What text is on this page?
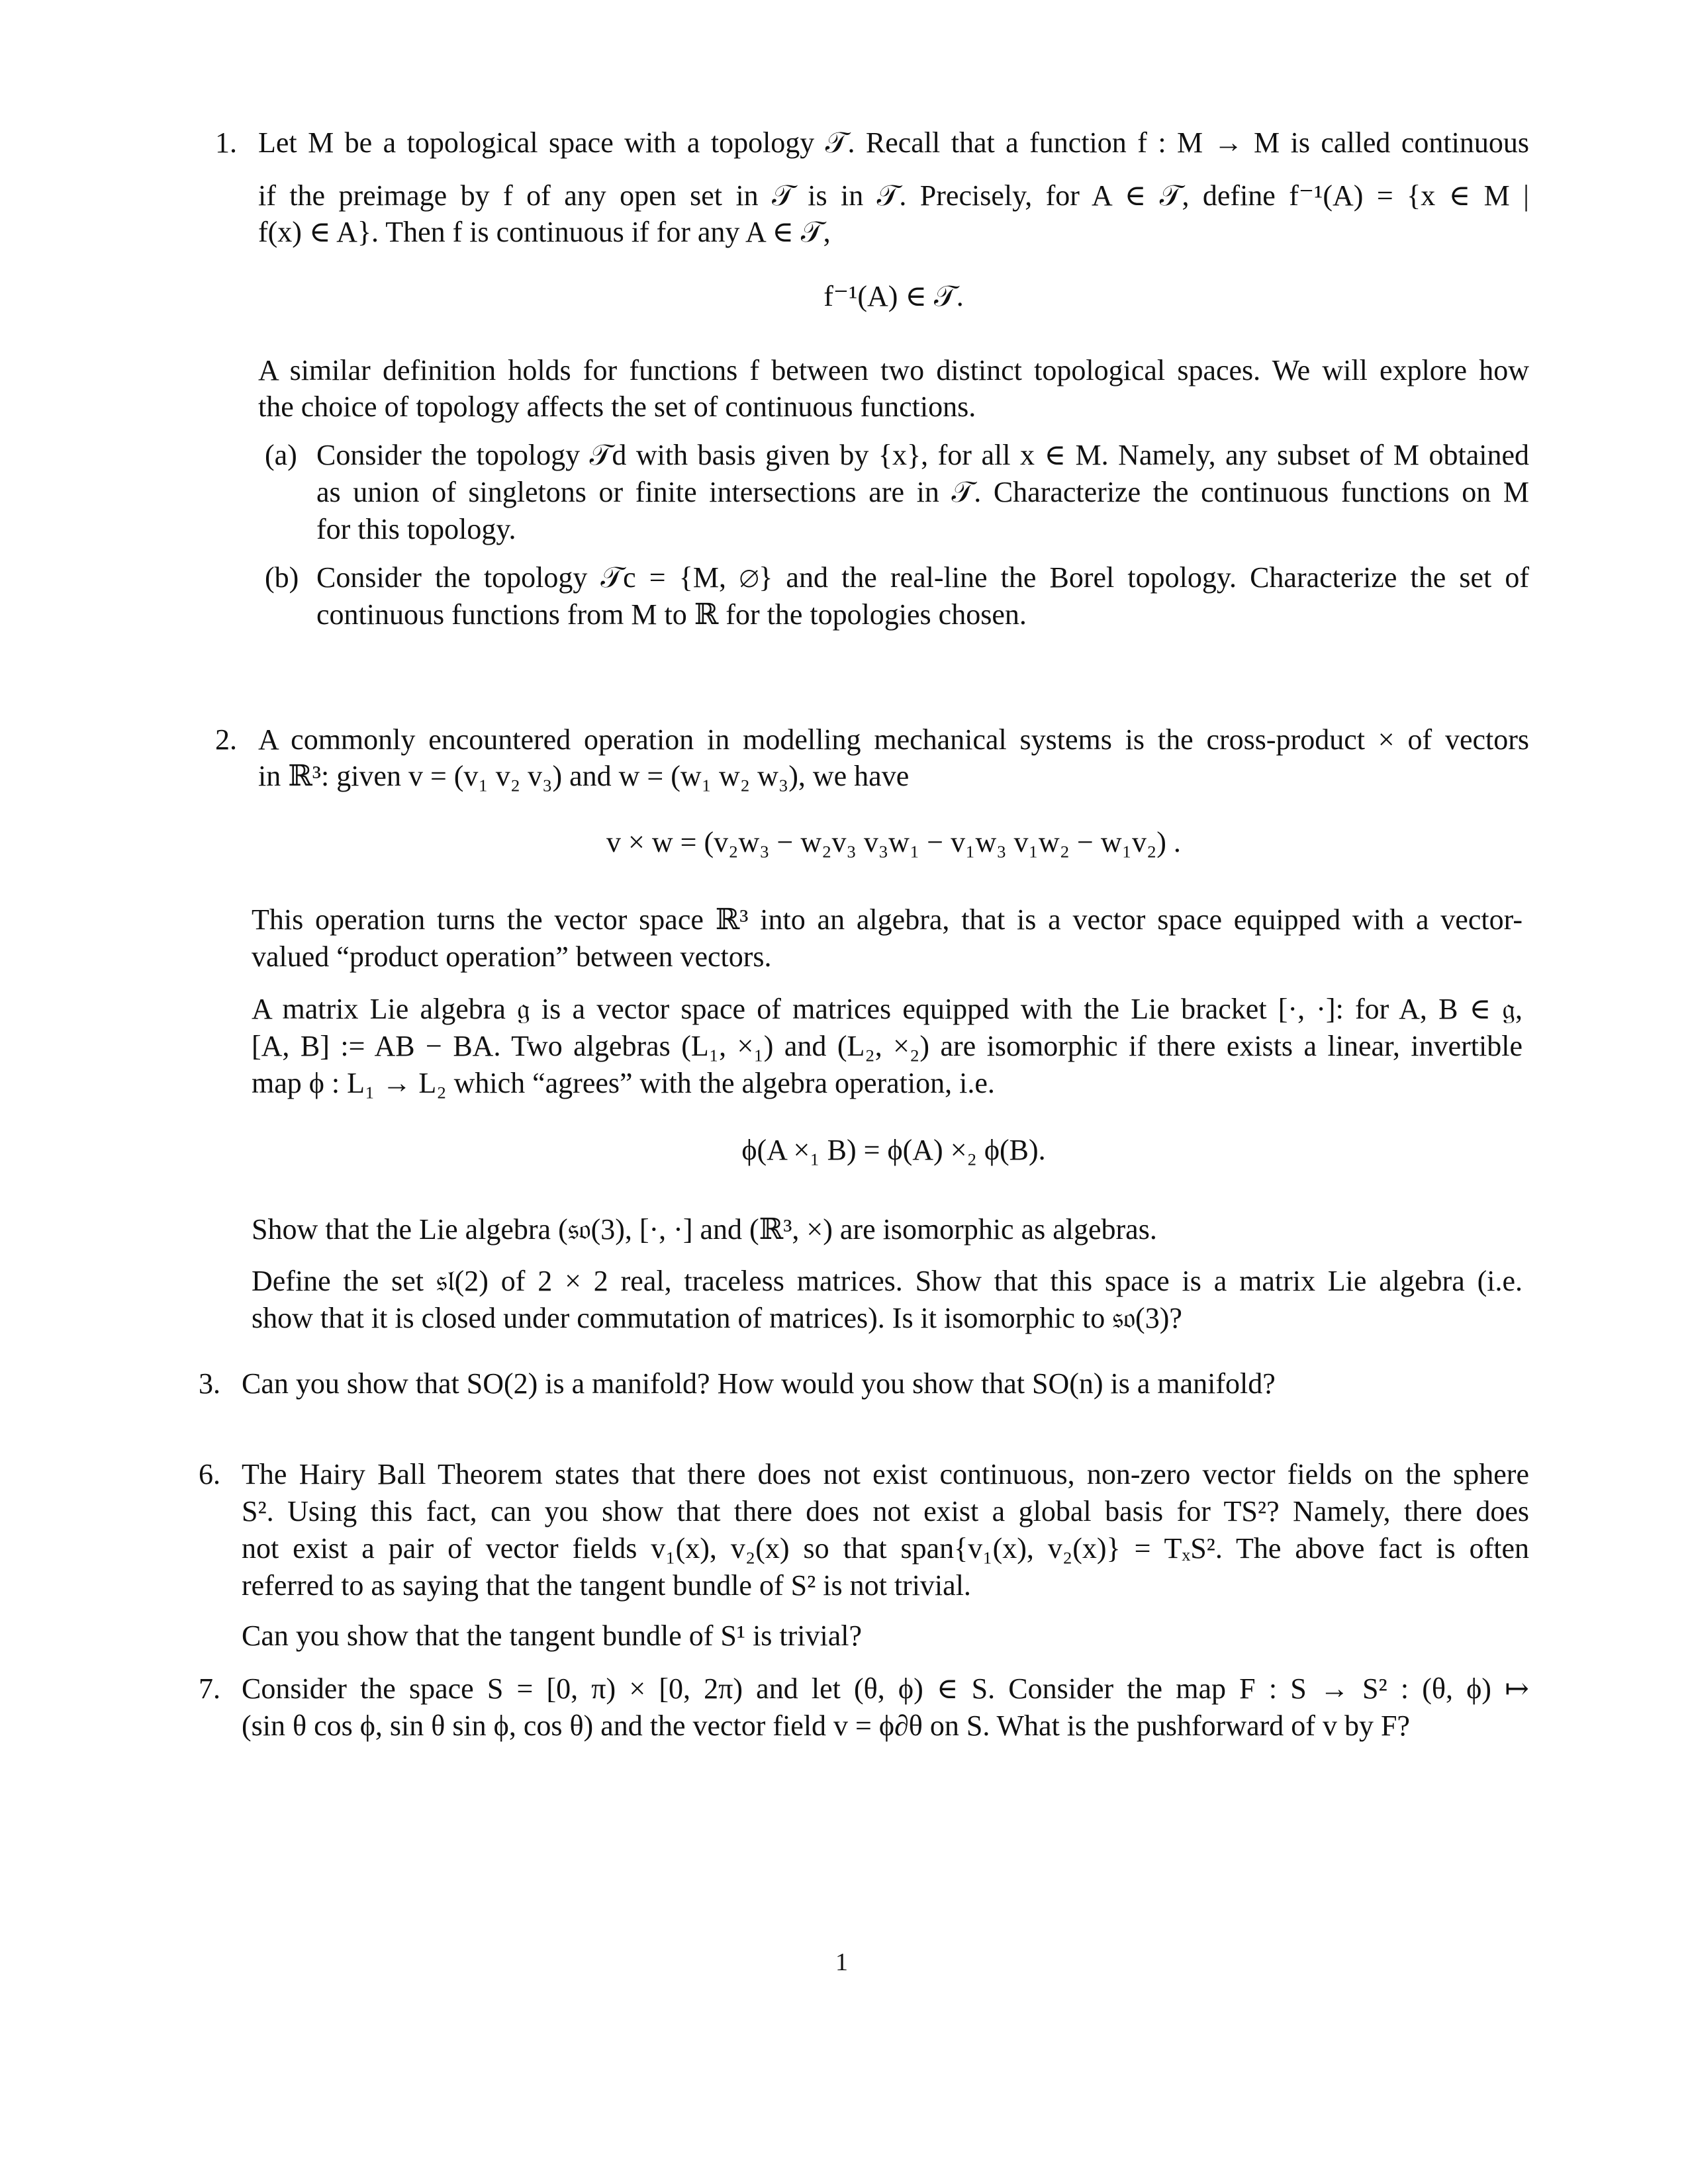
1. Let M be a topological space with a topology 𝒯. Recall that a function f : M → M is called continuous
if the preimage by f of any open set in 𝒯 is in 𝒯. Precisely, for A ∈ 𝒯, define f⁻¹(A) = {x ∈ M |
f(x) ∈ A}. Then f is continuous if for any A ∈ 𝒯,
f⁻¹(A) ∈ 𝒯.
A similar definition holds for functions f between two distinct topological spaces. We will explore how
the choice of topology affects the set of continuous functions.
(a) Consider the topology 𝒯d with basis given by {x}, for all x ∈ M. Namely, any subset of M obtained
as union of singletons or finite intersections are in 𝒯. Characterize the continuous functions on M
for this topology.
(b) Consider the topology 𝒯c = {M, ∅} and the real-line the Borel topology. Characterize the set of
continuous functions from M to ℝ for the topologies chosen.
2. A commonly encountered operation in modelling mechanical systems is the cross-product × of vectors
in ℝ³: given v = (v₁ v₂ v₃) and w = (w₁ w₂ w₃), we have
v × w = (v₂w₃ − w₂v₃ v₃w₁ − v₁w₃ v₁w₂ − w₁v₂) .
This operation turns the vector space ℝ³ into an algebra, that is a vector space equipped with a vector-
valued “product operation” between vectors.
A matrix Lie algebra 𝔤 is a vector space of matrices equipped with the Lie bracket [·, ·]: for A, B ∈ 𝔤,
[A, B] := AB − BA. Two algebras (L₁, ×₁) and (L₂, ×₂) are isomorphic if there exists a linear, invertible
map ϕ : L₁ → L₂ which “agrees” with the algebra operation, i.e.
ϕ(A ×₁ B) = ϕ(A) ×₂ ϕ(B).
Show that the Lie algebra (𝔰𝔬(3), [·, ·] and (ℝ³, ×) are isomorphic as algebras.
Define the set 𝔰𝔩(2) of 2 × 2 real, traceless matrices. Show that this space is a matrix Lie algebra (i.e.
show that it is closed under commutation of matrices). Is it isomorphic to 𝔰𝔬(3)?
3. Can you show that SO(2) is a manifold? How would you show that SO(n) is a manifold?
6. The Hairy Ball Theorem states that there does not exist continuous, non-zero vector fields on the sphere
S². Using this fact, can you show that there does not exist a global basis for TS²? Namely, there does
not exist a pair of vector fields v₁(x), v₂(x) so that span{v₁(x), v₂(x)} = TₓS². The above fact is often
referred to as saying that the tangent bundle of S² is not trivial.
Can you show that the tangent bundle of S¹ is trivial?
7. Consider the space S = [0, π) × [0, 2π) and let (θ, ϕ) ∈ S. Consider the map F : S → S² : (θ, ϕ) ↦
(sin θ cos ϕ, sin θ sin ϕ, cos θ) and the vector field v = ϕ∂θ on S. What is the pushforward of v by F?
1
